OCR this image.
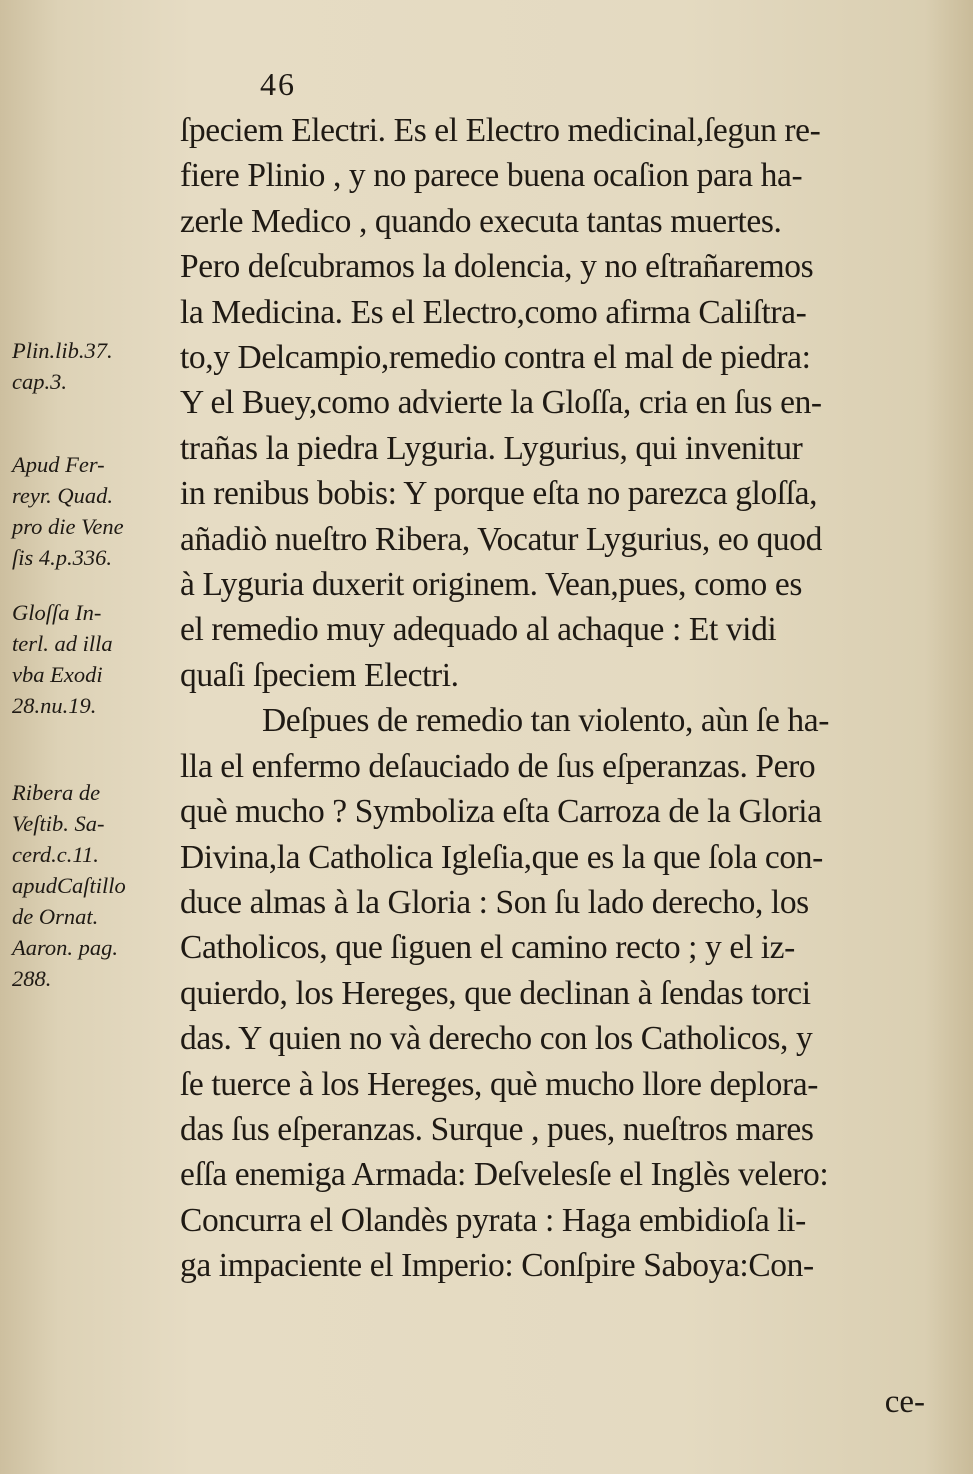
46
Plin.lib.37.
cap.3.
Apud Fer-
reyr. Quad.
pro die Vene
ſis 4.p.336.
Gloſſa In-
terl. ad illa
vba Exodi
28.nu.19.
Ribera de
Veſtib. Sa-
cerd.c.11.
apudCaſtillo
de Ornat.
Aaron. pag.
288.
ſpeciem Electri. Es el Electro medicinal,ſegun re-
fiere Plinio , y no parece buena ocaſion para ha-
zerle Medico , quando executa tantas muertes.
Pero deſcubramos la dolencia, y no eſtrañaremos
la Medicina. Es el Electro,como afirma Caliſtra-
to,y Delcampio,remedio contra el mal de piedra:
Y el Buey,como advierte la Gloſſa, cria en ſus en-
trañas la piedra Lyguria. Lygurius, qui invenitur
in renibus bobis: Y porque eſta no parezca gloſſa,
añadiò nueſtro Ribera, Vocatur Lygurius, eo quod
à Lyguria duxerit originem. Vean,pues, como es
el remedio muy adequado al achaque : Et vidi
quaſi ſpeciem Electri.
Deſpues de remedio tan violento, aùn ſe ha-
lla el enfermo deſauciado de ſus eſperanzas. Pero
què mucho ? Symboliza eſta Carroza de la Gloria
Divina,la Catholica Igleſia,que es la que ſola con-
duce almas à la Gloria : Son ſu lado derecho, los
Catholicos, que ſiguen el camino recto ; y el iz-
quierdo, los Hereges, que declinan à ſendas torci
das. Y quien no và derecho con los Catholicos, y
ſe tuerce à los Hereges, què mucho llore deplora-
das ſus eſperanzas. Surque , pues, nueſtros mares
eſſa enemiga Armada: Deſvelesſe el Inglès velero:
Concurra el Olandès pyrata : Haga embidioſa li-
ga impaciente el Imperio: Conſpire Saboya:Con-
ce-
